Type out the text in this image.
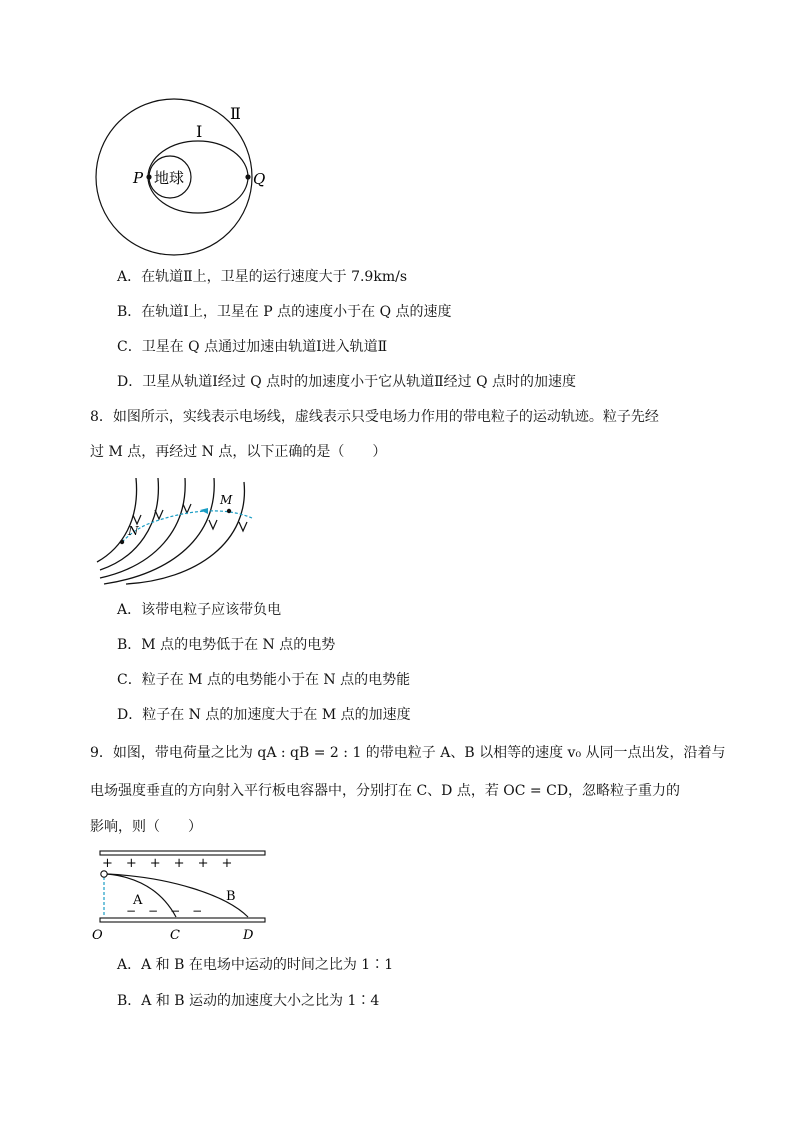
地球
P	Q
Ⅰ
Ⅱ
A．在轨道Ⅱ上，卫星的运行速度大于 7.9km/s
B．在轨道Ⅰ上，卫星在 P 点的速度小于在 Q 点的速度
C．卫星在 Q 点通过加速由轨道Ⅰ进入轨道Ⅱ
D．卫星从轨道Ⅰ经过 Q 点时的加速度小于它从轨道Ⅱ经过 Q 点时的加速度
8．如图所示，实线表示电场线，虚线表示只受电场力作用的带电粒子的运动轨迹。粒子先经
过 M 点，再经过 N 点，以下正确的是（　　）
M
N
A．该带电粒子应该带负电
B．M 点的电势低于在 N 点的电势
C．粒子在 M 点的电势能小于在 N 点的电势能
D．粒子在 N 点的加速度大于在 M 点的加速度
9．如图，带电荷量之比为 qA : qB = 2 : 1 的带电粒子 A、B 以相等的速度 v₀ 从同一点出发，沿着与
电场强度垂直的方向射入平行板电容器中，分别打在 C、D 点，若 OC = CD，忽略粒子重力的
影响，则（　　）
+　+　+　+　+　+
−　−　−　−
A	B
O	C	D
A．A 和 B 在电场中运动的时间之比为 1∶1
B．A 和 B 运动的加速度大小之比为 1∶4
